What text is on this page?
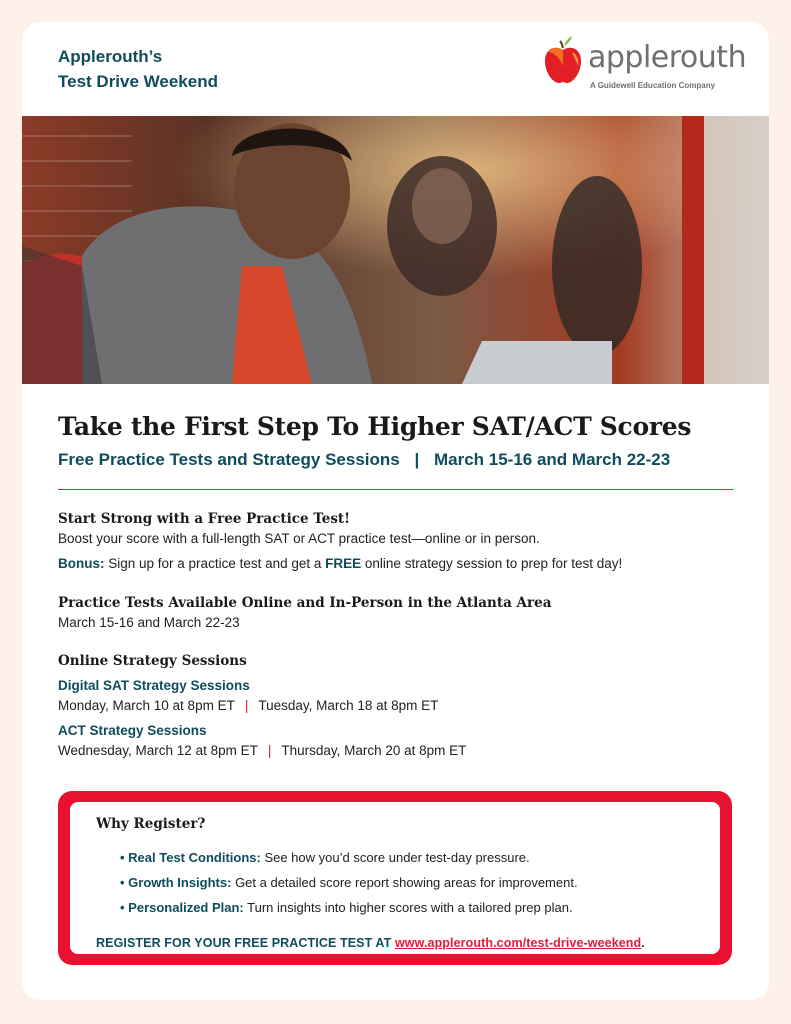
Applerouth’s
Test Drive Weekend
applerouth
A Guidewell Education Company
Take the First Step To Higher SAT/ACT Scores
Free Practice Tests and Strategy Sessions | March 15-16 and March 22-23
Start Strong with a Free Practice Test!
Boost your score with a full-length SAT or ACT practice test—online or in person.
Bonus: Sign up for a practice test and get a FREE online strategy session to prep for test day!
Practice Tests Available Online and In-Person in the Atlanta Area
March 15-16 and March 22-23
Online Strategy Sessions
Digital SAT Strategy Sessions
Monday, March 10 at 8pm ET | Tuesday, March 18 at 8pm ET
ACT Strategy Sessions
Wednesday, March 12 at 8pm ET | Thursday, March 20 at 8pm ET
Why Register?
• Real Test Conditions: See how you’d score under test-day pressure.
• Growth Insights: Get a detailed score report showing areas for improvement.
• Personalized Plan: Turn insights into higher scores with a tailored prep plan.
REGISTER FOR YOUR FREE PRACTICE TEST AT www.applerouth.com/test-drive-weekend.
